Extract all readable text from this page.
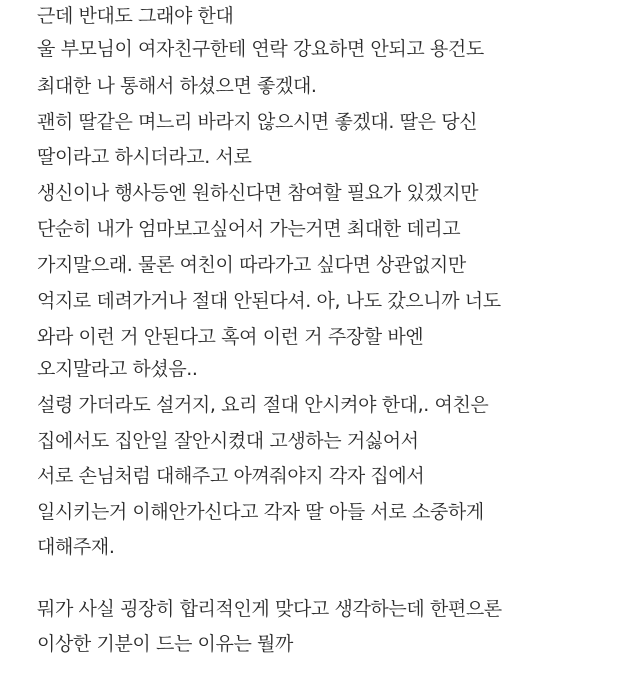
근데 반대도 그래야 한대
울 부모님이 여자친구한테 연락 강요하면 안되고 용건도
최대한 나 통해서 하셨으면 좋겠대.
괜히 딸같은 며느리 바라지 않으시면 좋겠대. 딸은 당신
딸이라고 하시더라고. 서로
생신이나 행사등엔 원하신다면 참여할 필요가 있겠지만
단순히 내가 엄마보고싶어서 가는거면 최대한 데리고
가지말으래. 물론 여친이 따라가고 싶다면 상관없지만
억지로 데려가거나 절대 안된다셔. 아, 나도 갔으니까 너도
와라 이런 거 안된다고 혹여 이런 거 주장할 바엔
오지말라고 하셨음..
설령 가더라도 설거지, 요리 절대 안시켜야 한대,. 여친은
집에서도 집안일 잘안시켰대 고생하는 거싫어서
서로 손님처럼 대해주고 아껴줘야지 각자 집에서
일시키는거 이해안가신다고 각자 딸 아들 서로 소중하게
대해주재.
뭐가 사실 굉장히 합리적인게 맞다고 생각하는데 한편으론
이상한 기분이 드는 이유는 뭘까
